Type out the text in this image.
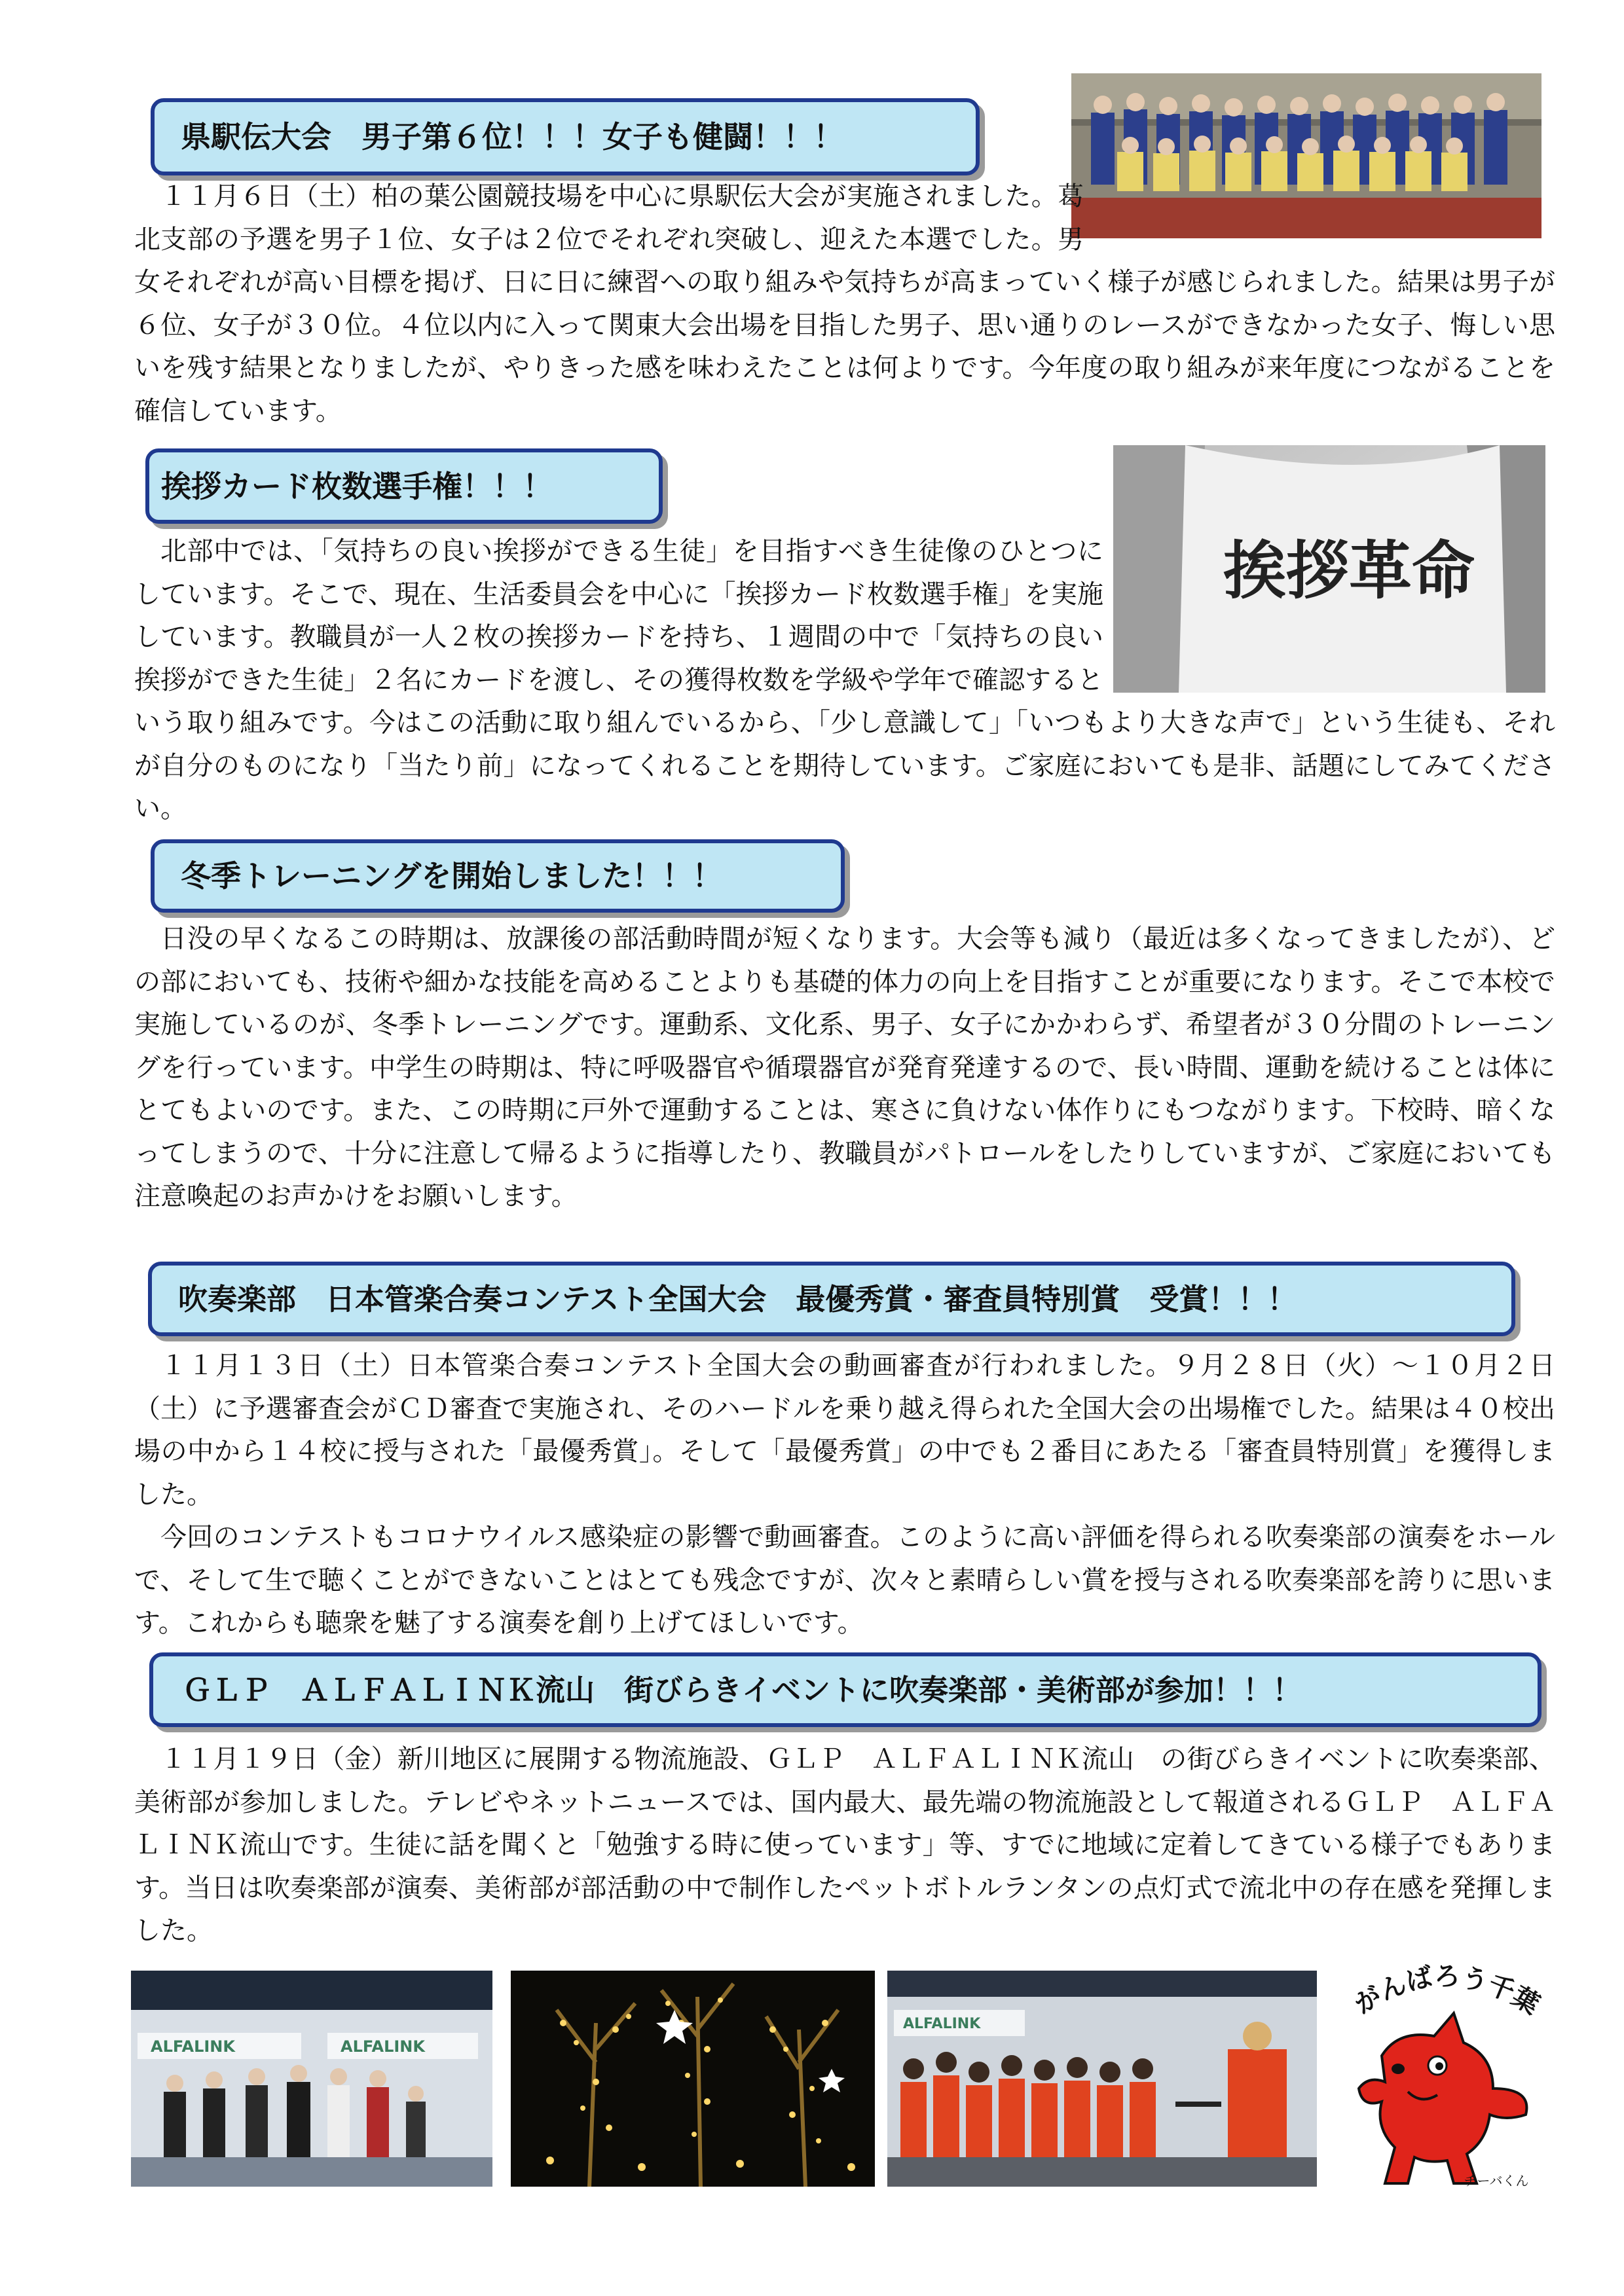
県駅伝大会　男子第６位！！！女子も健闘！！！

１１月６日（土）柏の葉公園競技場を中心に県駅伝大会が実施されました。葛北支部の予選を男子１位、女子は２位でそれぞれ突破し、迎えた本選でした。男女それぞれが高い目標を掲げ、日に日に練習への取り組みや気持ちが高まっていく様子が感じられました。結果は男子が６位、女子が３０位。４位以内に入って関東大会出場を目指した男子、思い通りのレースができなかった女子、悔しい思いを残す結果となりましたが、やりきった感を味わえたことは何よりです。今年度の取り組みが来年度につながることを確信しています。

挨拶カード枚数選手権！！！
挨拶革命

北部中では、「気持ちの良い挨拶ができる生徒」を目指すべき生徒像のひとつにしています。そこで、現在、生活委員会を中心に「挨拶カード枚数選手権」を実施しています。教職員が一人２枚の挨拶カードを持ち、１週間の中で「気持ちの良い挨拶ができた生徒」２名にカードを渡し、その獲得枚数を学級や学年で確認するという取り組みです。今はこの活動に取り組んでいるから、「少し意識して」「いつもより大きな声で」という生徒も、それが自分のものになり「当たり前」になってくれることを期待しています。ご家庭においても是非、話題にしてみてください。

冬季トレーニングを開始しました！！！

日没の早くなるこの時期は、放課後の部活動時間が短くなります。大会等も減り（最近は多くなってきましたが）、どの部においても、技術や細かな技能を高めることよりも基礎的体力の向上を目指すことが重要になります。そこで本校で実施しているのが、冬季トレーニングです。運動系、文化系、男子、女子にかかわらず、希望者が３０分間のトレーニングを行っています。中学生の時期は、特に呼吸器官や循環器官が発育発達するので、長い時間、運動を続けることは体にとてもよいのです。また、この時期に戸外で運動することは、寒さに負けない体作りにもつながります。下校時、暗くなってしまうので、十分に注意して帰るように指導したり、教職員がパトロールをしたりしていますが、ご家庭においても注意喚起のお声かけをお願いします。

吹奏楽部　日本管楽合奏コンテスト全国大会　最優秀賞・審査員特別賞　受賞！！！

１１月１３日（土）日本管楽合奏コンテスト全国大会の動画審査が行われました。９月２８日（火）～１０月２日（土）に予選審査会がＣＤ審査で実施され、そのハードルを乗り越え得られた全国大会の出場権でした。結果は４０校出場の中から１４校に授与された「最優秀賞」。そして「最優秀賞」の中でも２番目にあたる「審査員特別賞」を獲得しました。

今回のコンテストもコロナウイルス感染症の影響で動画審査。このように高い評価を得られる吹奏楽部の演奏をホールで、そして生で聴くことができないことはとても残念ですが、次々と素晴らしい賞を授与される吹奏楽部を誇りに思います。これからも聴衆を魅了する演奏を創り上げてほしいです。

ＧＬＰ　ＡＬＦＡＬＩＮＫ流山　街びらきイベントに吹奏楽部・美術部が参加！！！

１１月１９日（金）新川地区に展開する物流施設、ＧＬＰ　ＡＬＦＡＬＩＮＫ流山　の街びらきイベントに吹奏楽部、美術部が参加しました。テレビやネットニュースでは、国内最大、最先端の物流施設として報道されるＧＬＰ　ＡＬＦＡＬＩＮＫ流山です。生徒に話を聞くと「勉強する時に使っています」等、すでに地域に定着してきている様子でもあります。当日は吹奏楽部が演奏、美術部が部活動の中で制作したペットボトルランタンの点灯式で流北中の存在感を発揮しました。

ALFALINK	ALFALINK
ALFALINK
がんばろう千葉
チーバくん
